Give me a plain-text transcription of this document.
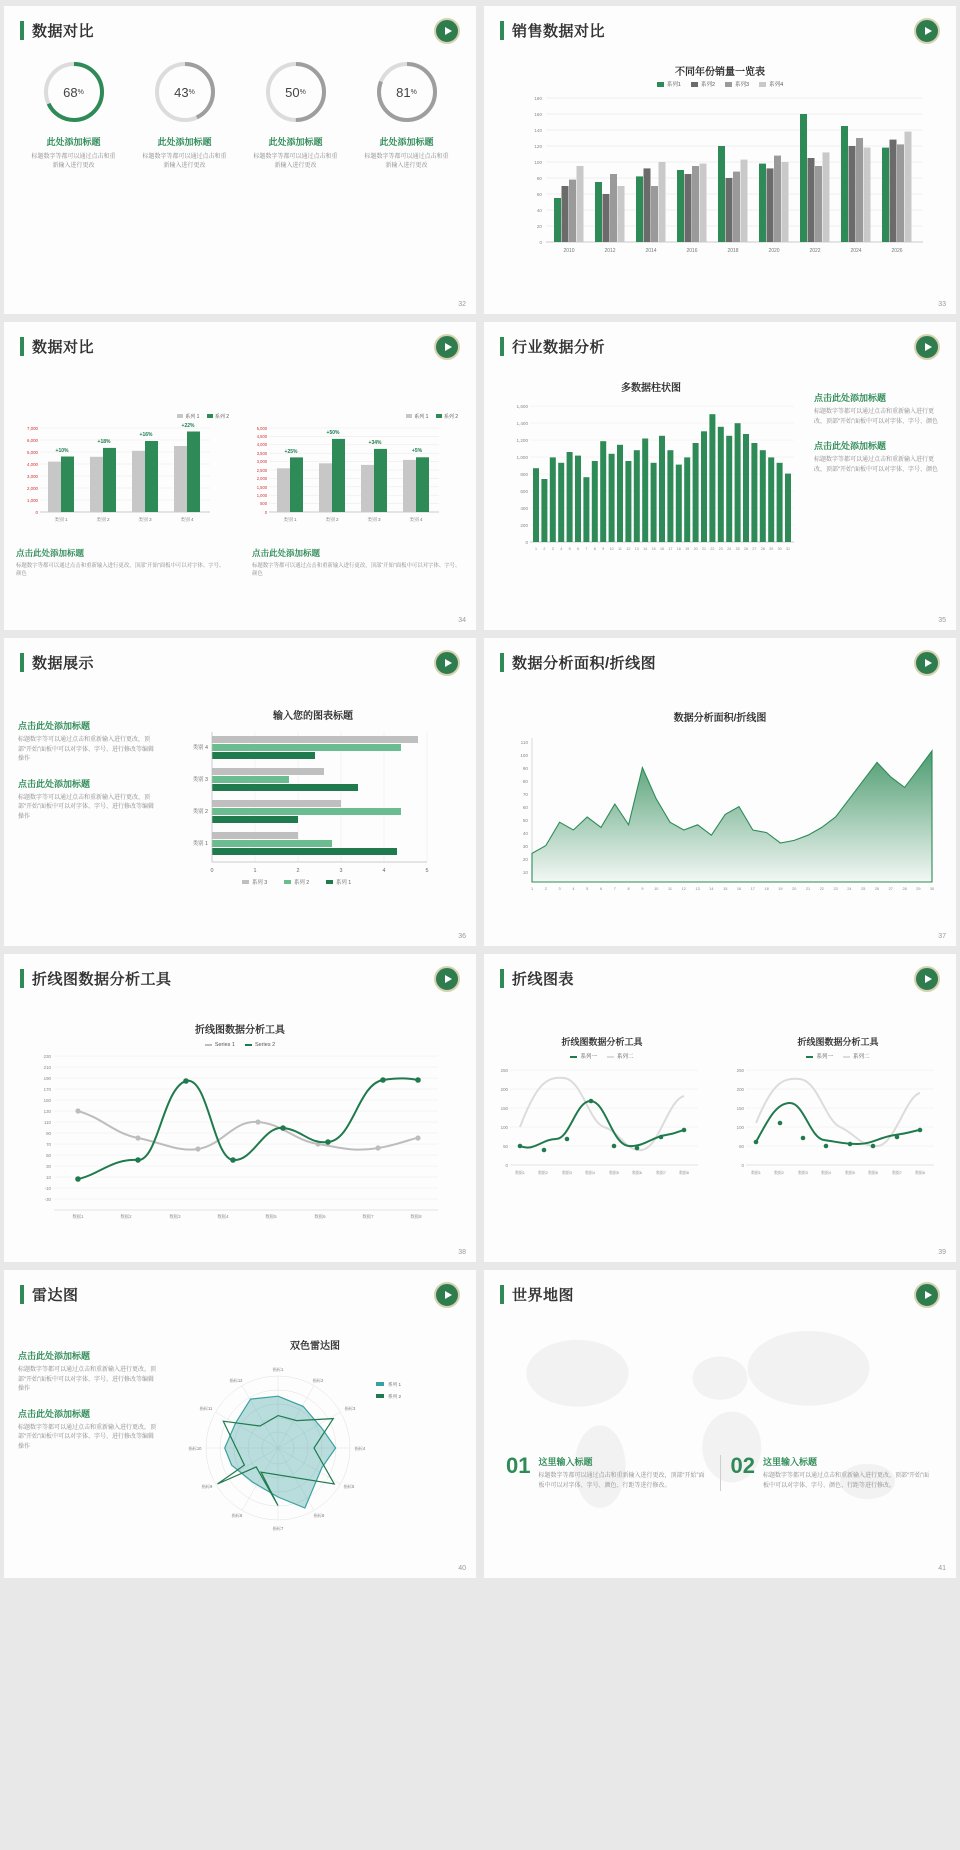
数据对比
68 %
此处添加标题

标题数字等都可以通过点击和重新输入进行更改

43 %
此处添加标题

标题数字等都可以通过点击和重新输入进行更改

50 %
此处添加标题

标题数字等都可以通过点击和重新输入进行更改

81 %
此处添加标题

标题数字等都可以通过点击和重新输入进行更改

32
销售数据对比
不同年份销量一览表
系列1	系列2	系列3	系列4
180
160
140
120
100
80
60
40
20
0
2010	2012	2014	2016	2018	2020	2022	2024	2026
33
数据对比
系列 1	系列 2
7,000
6,000
5,000
4,000
3,000
2,000
1,000
0
+10%
+18%
+16%
+22%
类别 1	类别 2	类别 3	类别 4
系列 1	系列 2
5,000
4,500
4,000
3,500
3,000
2,500
2,000
1,500
1,000
500
0
+25%
+50%
+34%
+5%
类别 1	类别 2	类别 3	类别 4
点击此处添加标题

标题数字等都可以通过点击和重新输入进行更改，顶部“开始”面板中可以对字体、字号、颜色

点击此处添加标题

标题数字等都可以通过点击和重新输入进行更改，顶部“开始”面板中可以对字体、字号、颜色

34
行业数据分析
多数据柱状图
1,600
1,400
1,200
1,000
800
600
400
200
0
1 2 3 4 5 6 7 8 9 10 11 12 13 14 15 16 17 18 19 20 21 22 23 24 25 26 27 28 29 30 31
点击此处添加标题

标题数字等都可以通过点击和重新输入进行更改，顶部“开始”面板中可以对字体、字号、颜色

点击此处添加标题

标题数字等都可以通过点击和重新输入进行更改，顶部“开始”面板中可以对字体、字号、颜色

35
数据展示
点击此处添加标题

标题数字等可以通过点击和重新输入进行更改，顶部“开始”面板中可以对字体、字号、进行修改等编辑操作

点击此处添加标题

标题数字等可以通过点击和重新输入进行更改，顶部“开始”面板中可以对字体、字号、进行修改等编辑操作

输入您的图表标题
类别 4
类别 3
类别 2
类别 1
0	1	2	3	4	5
系列 3	系列 2	系列 1
36
数据分析面积/折线图
数据分析面积/折线图
110
100
90
80
70
60
50
40
30
20
10
1	2	3	4	5	6	7	8	9	10	11	12	13	14	15	16	17	18	19	20	21	22	23	24	25	26	27	28	29 30
37
折线图数据分析工具
折线图数据分析工具
Series 1	Series 2
230
210
190
170
150
130
110
90
70
50
30
10
-10
-30
数据1	数据2	数据3	数据4	数据5	数据6	数据7	数据8
38
折线图表
折线图数据分析工具
系列一	系列二
250
200
150
100
50
0
数据1	数据2	数据3	数据4	数据5	数据6	数据7	数据8
折线图数据分析工具
系列一	系列二
250
200
150
100
50
0
数据1	数据2	数据3	数据4	数据5	数据6	数据7	数据8
39
雷达图
点击此处添加标题

标题数字等都可以通过点击和重新输入进行更改，顶部“开始”面板中可以对字体、字号、进行修改等编辑操作

点击此处添加标题

标题数字等都可以通过点击和重新输入进行更改，顶部“开始”面板中可以对字体、字号、进行修改等编辑操作

双色雷达图
指标1
指标2
指标3
指标4
指标5
指标6
指标7
指标8
指标9
指标10
指标11
指标12
系列 1
系列 2
40
世界地图
01 这里输入标题

标题数字等都可以通过点击和重新输入进行更改，顶部“开始”面板中可以对字体、字号、颜色、行距等进行修改。

02 这里输入标题

标题数字等都可以通过点击和重新输入进行更改，顶部“开始”面板中可以对字体、字号、颜色、行距等进行修改。

41
